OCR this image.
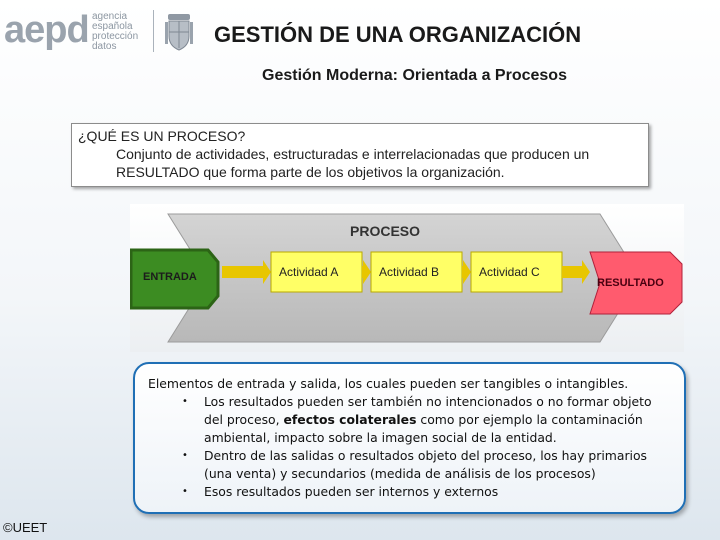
aepd agencia
española
protección
datos	GESTIÓN DE UNA ORGANIZACIÓN
Gestión Moderna: Orientada a Procesos
¿QUÉ ES UN PROCESO?
Conjunto de actividades, estructuradas e interrelacionadas que producen un RESULTADO que forma parte de los objetivos la organización.
PROCESO
ENTRADA	Actividad A	Actividad B	Actividad C
RESULTADO
Elementos de entrada y salida, los cuales pueden ser tangibles o intangibles.
•	Los resultados pueden ser también no intencionados o no formar objeto del proceso, efectos colaterales como por ejemplo la contaminación ambiental, impacto sobre la imagen social de la entidad.
•	Dentro de las salidas o resultados objeto del proceso, los hay primarios (una venta) y secundarios (medida de análisis de los procesos)
•	Esos resultados pueden ser internos y externos
©UEET
